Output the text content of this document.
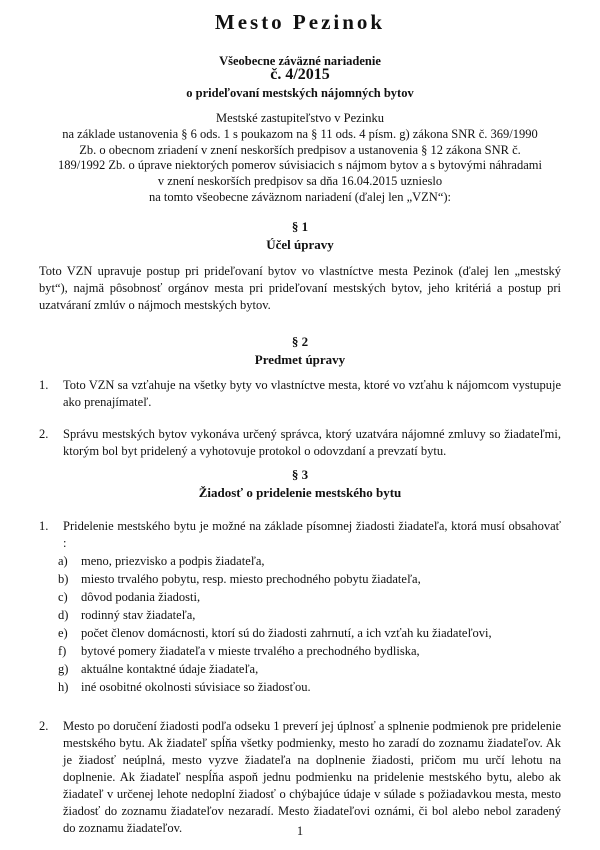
Mesto Pezinok
Všeobecne záväzné nariadenie
č. 4/2015
o prideľovaní mestských nájomných bytov
Mestské zastupiteľstvo v Pezinku
na základe ustanovenia § 6 ods. 1 s poukazom na § 11 ods. 4 písm. g) zákona SNR č. 369/1990
Zb. o obecnom zriadení v znení neskorších predpisov a ustanovenia § 12 zákona SNR č.
189/1992 Zb. o úprave niektorých pomerov súvisiacich s nájmom bytov a s bytovými náhradami
v znení neskorších predpisov sa dňa 16.04.2015 uznieslo
na tomto všeobecne záväznom nariadení (ďalej len „VZN“):
§ 1
Účel úpravy
Toto VZN upravuje postup pri prideľovaní bytov vo vlastníctve mesta Pezinok (ďalej len „mestský byt“), najmä pôsobnosť orgánov mesta pri prideľovaní mestských bytov, jeho kritériá a postup pri uzatváraní zmlúv o nájmoch mestských bytov.
§ 2
Predmet úpravy
1. Toto VZN sa vzťahuje na všetky byty vo vlastníctve mesta, ktoré vo vzťahu k nájomcom vystupuje ako prenajímateľ.
2. Správu mestských bytov vykonáva určený správca, ktorý uzatvára nájomné zmluvy so žiadateľmi, ktorým bol byt pridelený a vyhotovuje protokol o odovzdaní a prevzatí bytu.
§ 3
Žiadosť o pridelenie mestského bytu
1. Pridelenie mestského bytu je možné na základe písomnej žiadosti žiadateľa, ktorá musí obsahovať :
a) meno, priezvisko a podpis žiadateľa,
b) miesto trvalého pobytu, resp. miesto prechodného pobytu žiadateľa,
c) dôvod podania žiadosti,
d) rodinný stav žiadateľa,
e) počet členov domácnosti, ktorí sú do žiadosti zahrnutí, a ich vzťah ku žiadateľovi,
f) bytové pomery žiadateľa v mieste trvalého a prechodného bydliska,
g) aktuálne kontaktné údaje žiadateľa,
h) iné osobitné okolnosti súvisiace so žiadosťou.
2. Mesto po doručení žiadosti podľa odseku 1 preverí jej úplnosť a splnenie podmienok pre pridelenie mestského bytu. Ak žiadateľ spĺňa všetky podmienky, mesto ho zaradí do zoznamu žiadateľov. Ak je žiadosť neúplná, mesto vyzve žiadateľa na doplnenie žiadosti, pričom mu určí lehotu na doplnenie. Ak žiadateľ nespĺňa aspoň jednu podmienku na pridelenie mestského bytu, alebo ak žiadateľ v určenej lehote nedoplní žiadosť o chýbajúce údaje v súlade s požiadavkou mesta, mesto žiadosť do zoznamu žiadateľov nezaradí. Mesto žiadateľovi oznámi, či bol alebo nebol zaradený do zoznamu žiadateľov.	1
